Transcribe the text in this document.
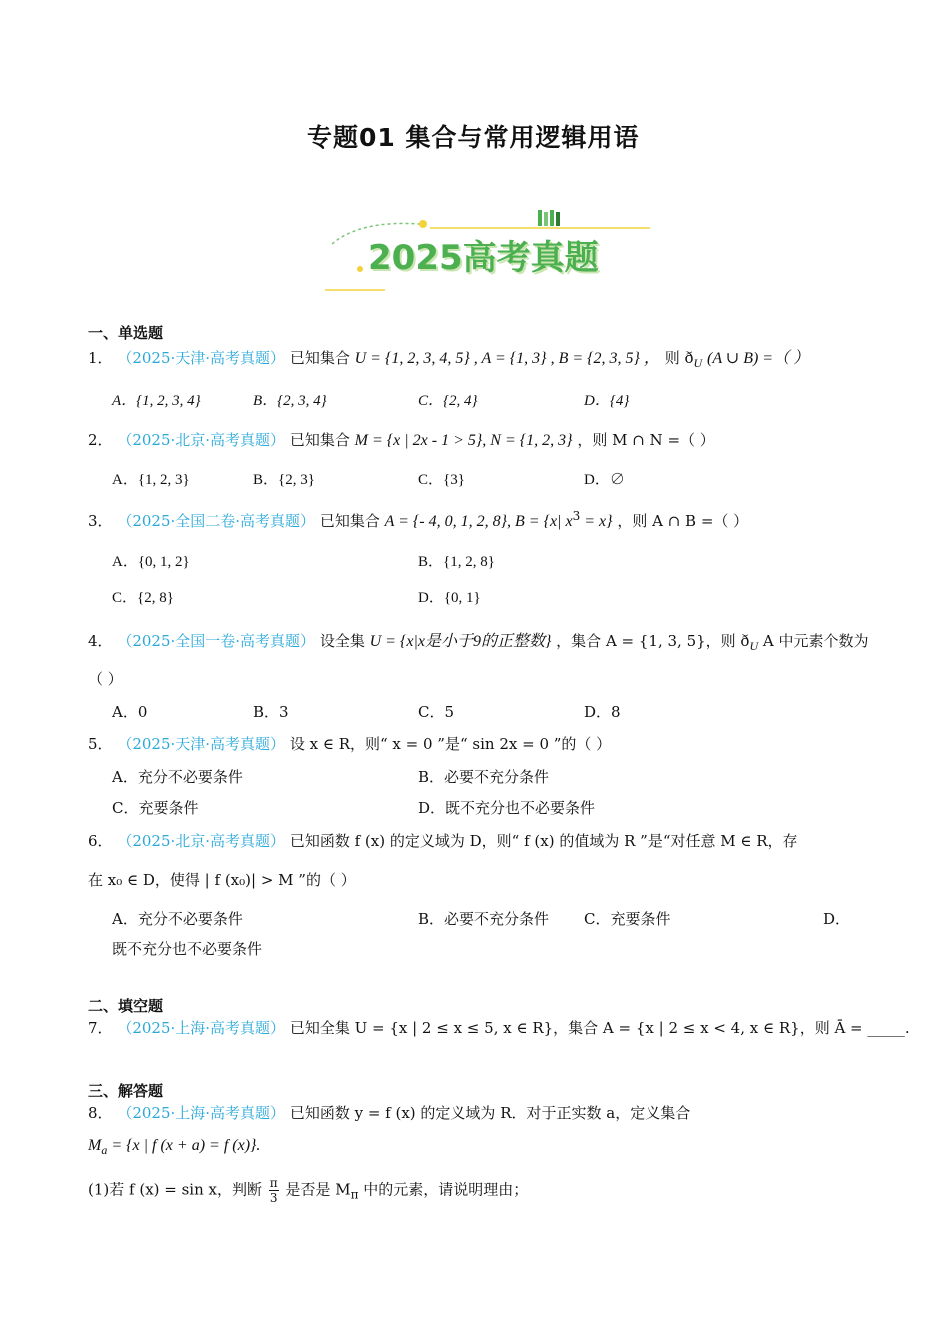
专题01 集合与常用逻辑用语
2025高考真题
一、单选题
1． （2025·天津·高考真题） 已知集合 U = {1, 2, 3, 4, 5} , A = {1, 3} , B = {2, 3, 5} ， 则 $ð_U$ (A ∪ B) =（ ）
A．{1, 2, 3, 4}	B．{2, 3, 4}	C．{2, 4}	D．{4}
2． （2025·北京·高考真题） 已知集合 M = {x | 2x - 1 > 5}, N = {1, 2, 3} ，则 M ∩ N =（ ）
A．{1, 2, 3}	B．{2, 3}	C．{3}	D．∅
3． （2025·全国二卷·高考真题） 已知集合 A = {- 4, 0, 1, 2, 8}, B = {x| $x^3 = x$} ，则 A ∩ B =（ ）
A．{0, 1, 2}	B．{1, 2, 8}
C．{2, 8}	D．{0, 1}
4． （2025·全国一卷·高考真题） 设全集 U = {x|x是小于9的正整数} ，集合 A = {1, 3, 5}，则 $ð_U$ A 中元素个数为
（ ）
A．0	B．3	C．5	D．8
5． （2025·天津·高考真题） 设 x ∈ R，则“ x = 0 ”是“ sin 2x = 0 ”的（ ）
A．充分不必要条件	B．必要不充分条件
C．充要条件	D．既不充分也不必要条件
6． （2025·北京·高考真题） 已知函数 f (x) 的定义域为 D，则“ f (x) 的值域为 R ”是“对任意 M ∈ R，存
在 x₀ ∈ D，使得 | f (x₀)| > M ”的（ ）
A．充分不必要条件	B．必要不充分条件 C．充要条件	D．
既不充分也不必要条件
二、填空题
7． （2025·上海·高考真题） 已知全集 U = {x | 2 ≤ x ≤ 5, x ∈ R}，集合 A = {x | 2 ≤ x < 4, x ∈ R}，则 Ā = _____.
三、解答题
8． （2025·上海·高考真题） 已知函数 y = f (x) 的定义域为 R．对于正实数 a，定义集合
$M_a = \{x$ | f (x + a) = f (x)}.
(1)若 f (x) = sin x，判断 $\frac{\pi}{3}$ 是否是 $M_\pi$ 中的元素，请说明理由；
